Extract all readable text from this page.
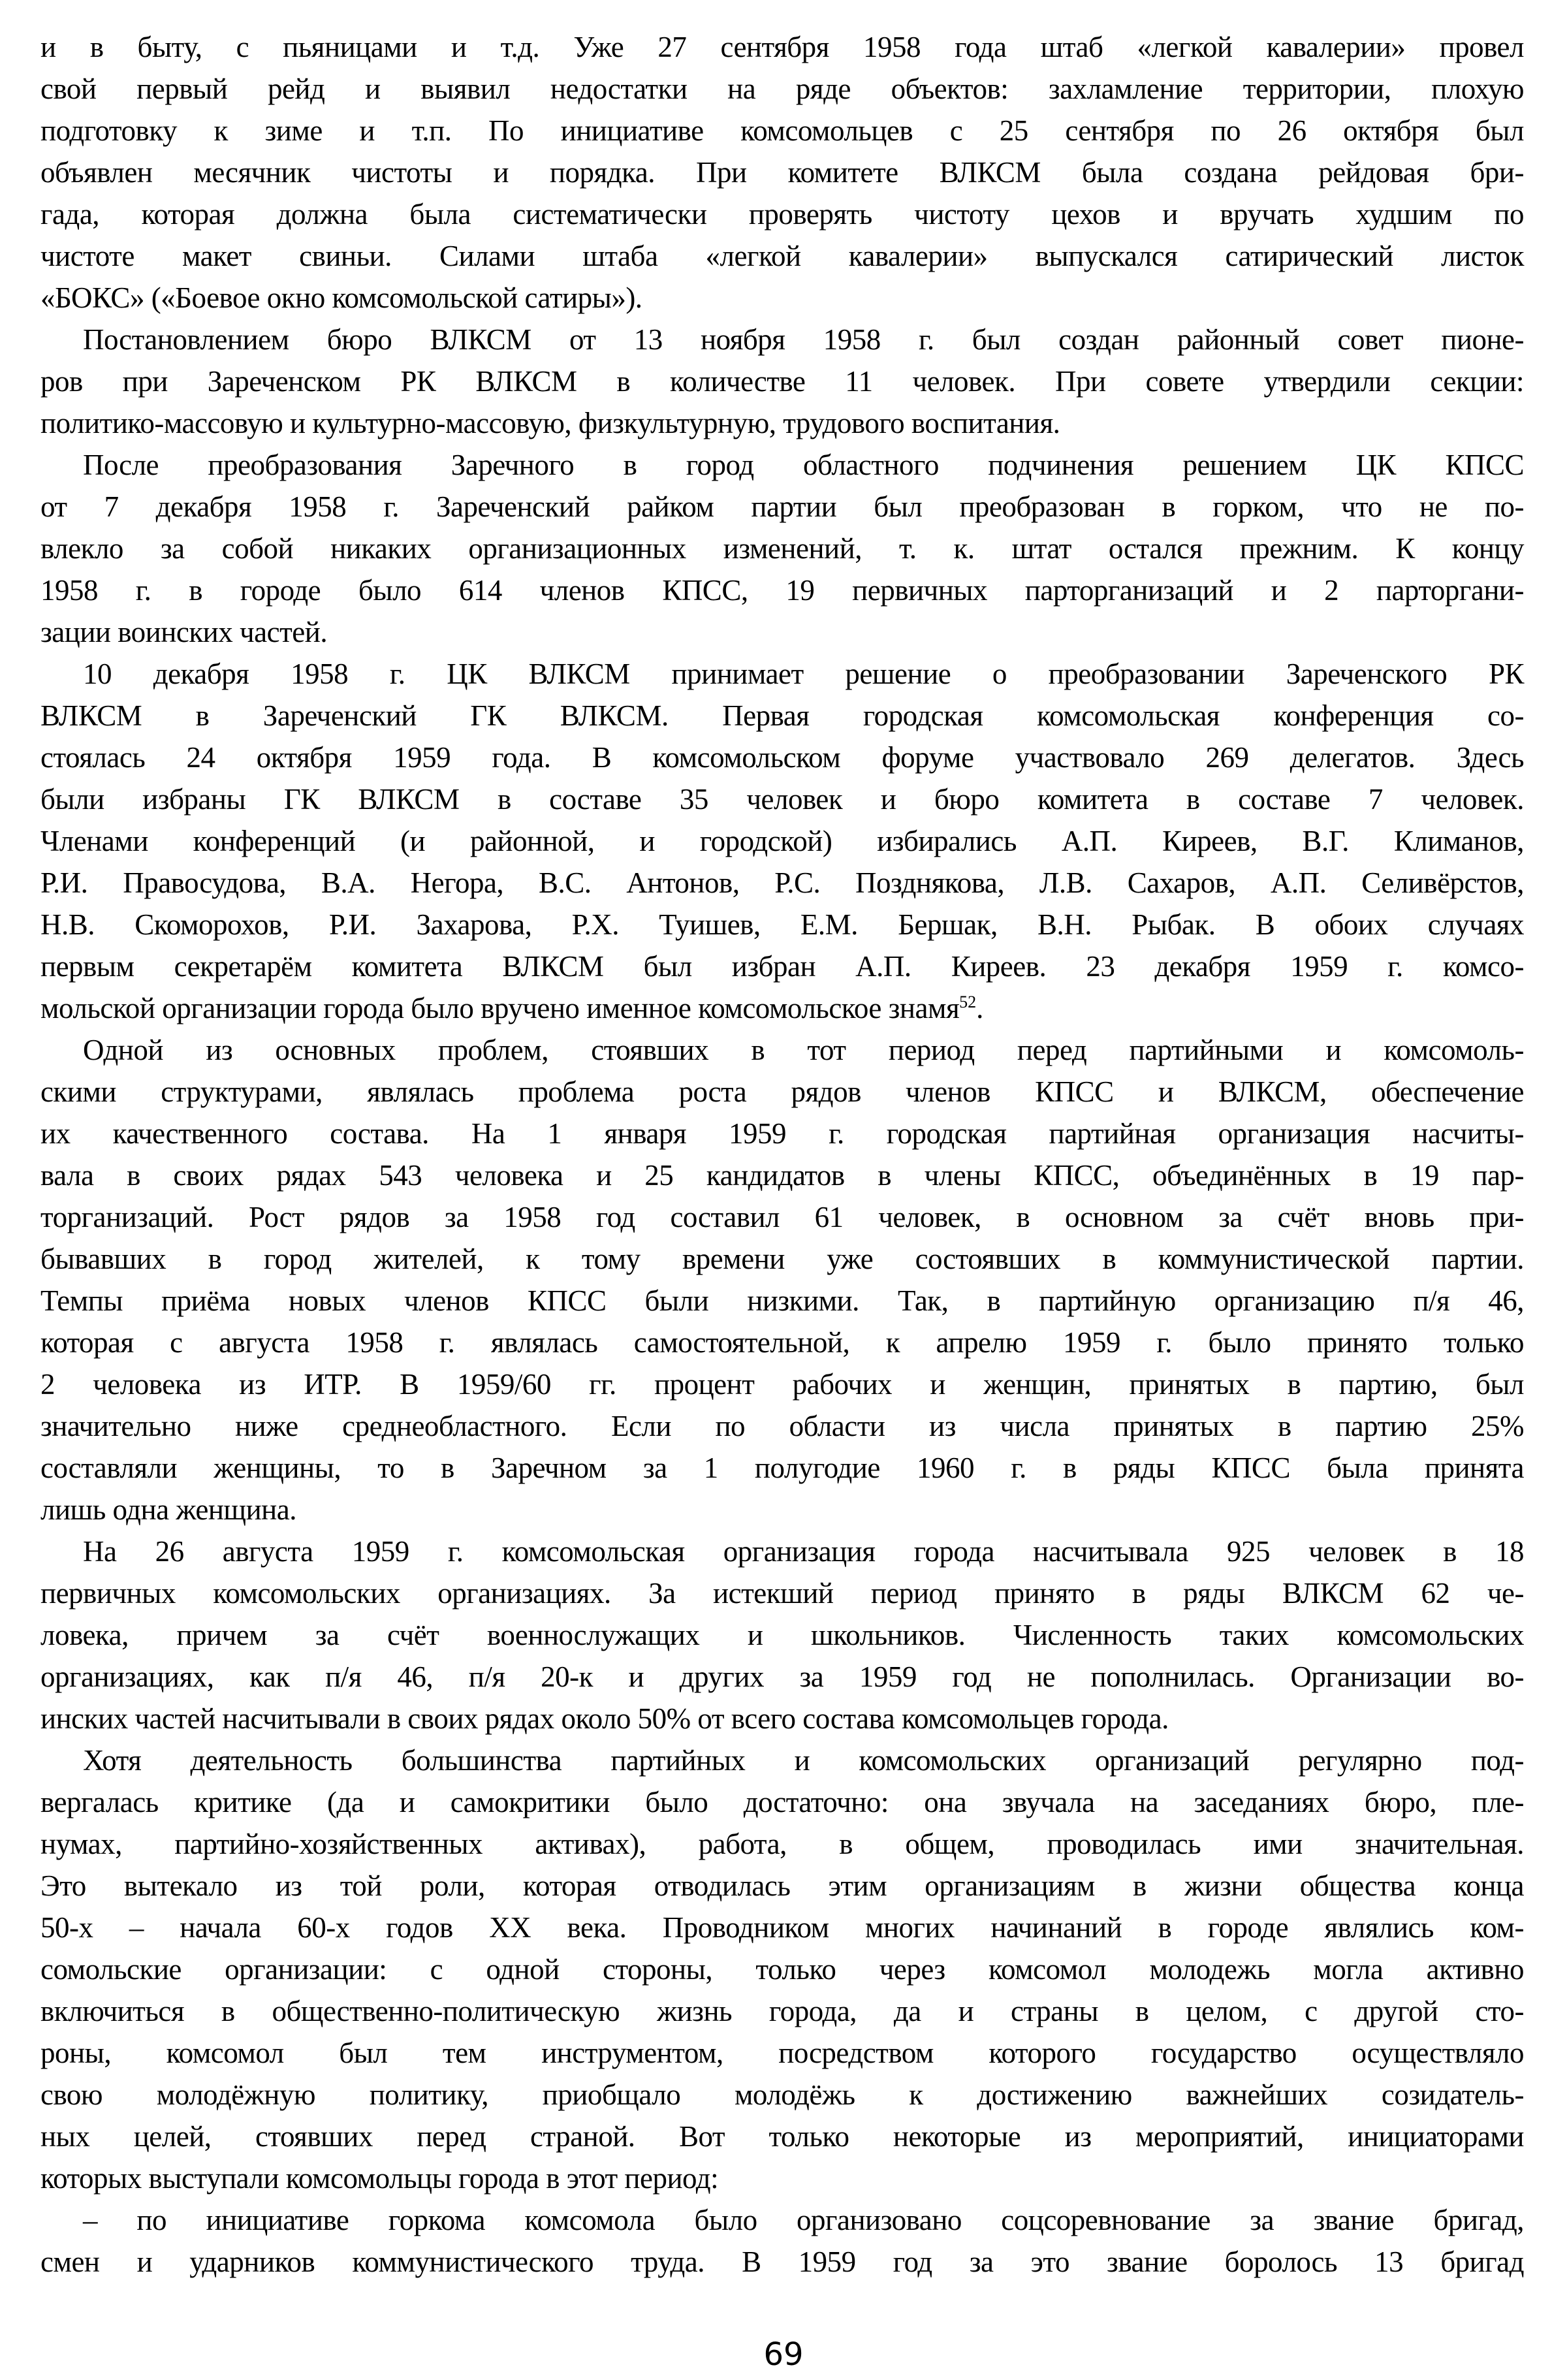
и в быту, с пьяницами и т.д. Уже 27 сентября 1958 года штаб «легкой кавалерии» провел
свой первый рейд и выявил недостатки на ряде объектов: захламление территории, плохую
подготовку к зиме и т.п. По инициативе комсомольцев с 25 сентября по 26 октября был
объявлен месячник чистоты и порядка. При комитете ВЛКСМ была создана рейдовая бри-
гада, которая должна была систематически проверять чистоту цехов и вручать худшим по
чистоте макет свиньи. Силами штаба «легкой кавалерии» выпускался сатирический листок
«БОКС» («Боевое окно комсомольской сатиры»).
Постановлением бюро ВЛКСМ от 13 ноября 1958 г. был создан районный совет пионе-
ров при Зареченском РК ВЛКСМ в количестве 11 человек. При совете утвердили секции:
политико-массовую и культурно-массовую, физкультурную, трудового воспитания.
После преобразования Заречного в город областного подчинения решением ЦК КПСС
от 7 декабря 1958 г. Зареченский райком партии был преобразован в горком, что не по-
влекло за собой никаких организационных изменений, т. к. штат остался прежним. К концу
1958 г. в городе было 614 членов КПСС, 19 первичных парторганизаций и 2 парторгани-
зации воинских частей.
10 декабря 1958 г. ЦК ВЛКСМ принимает решение о преобразовании Зареченского РК
ВЛКСМ в Зареченский ГК ВЛКСМ. Первая городская комсомольская конференция со-
стоялась 24 октября 1959 года. В комсомольском форуме участвовало 269 делегатов. Здесь
были избраны ГК ВЛКСМ в составе 35 человек и бюро комитета в составе 7 человек.
Членами конференций (и районной, и городской) избирались А.П. Киреев, В.Г. Климанов,
Р.И. Правосудова, В.А. Негора, В.С. Антонов, Р.С. Позднякова, Л.В. Сахаров, А.П. Селивёрстов,
Н.В. Скоморохов, Р.И. Захарова, Р.Х. Туишев, Е.М. Бершак, В.Н. Рыбак. В обоих случаях
первым секретарём комитета ВЛКСМ был избран А.П. Киреев. 23 декабря 1959 г. комсо-
мольской организации города было вручено именное комсомольское знамя$^{52}$.
Одной из основных проблем, стоявших в тот период перед партийными и комсомоль-
скими структурами, являлась проблема роста рядов членов КПСС и ВЛКСМ, обеспечение
их качественного состава. На 1 января 1959 г. городская партийная организация насчиты-
вала в своих рядах 543 человека и 25 кандидатов в члены КПСС, объединённых в 19 пар-
торганизаций. Рост рядов за 1958 год составил 61 человек, в основном за счёт вновь при-
бывавших в город жителей, к тому времени уже состоявших в коммунистической партии.
Темпы приёма новых членов КПСС были низкими. Так, в партийную организацию п/я 46,
которая с августа 1958 г. являлась самостоятельной, к апрелю 1959 г. было принято только
2 человека из ИТР. В 1959/60 гг. процент рабочих и женщин, принятых в партию, был
значительно ниже среднеобластного. Если по области из числа принятых в партию 25%
составляли женщины, то в Заречном за 1 полугодие 1960 г. в ряды КПСС была принята
лишь одна женщина.
На 26 августа 1959 г. комсомольская организация города насчитывала 925 человек в 18
первичных комсомольских организациях. За истекший период принято в ряды ВЛКСМ 62 че-
ловека, причем за счёт военнослужащих и школьников. Численность таких комсомольских
организациях, как п/я 46, п/я 20-к и других за 1959 год не пополнилась. Организации во-
инских частей насчитывали в своих рядах около 50% от всего состава комсомольцев города.
Хотя деятельность большинства партийных и комсомольских организаций регулярно под-
вергалась критике (да и самокритики было достаточно: она звучала на заседаниях бюро, пле-
нумах, партийно-хозяйственных активах), работа, в общем, проводилась ими значительная.
Это вытекало из той роли, которая отводилась этим организациям в жизни общества конца
50-х – начала 60-х годов XX века. Проводником многих начинаний в городе являлись ком-
сомольские организации: с одной стороны, только через комсомол молодежь могла активно
включиться в общественно-политическую жизнь города, да и страны в целом, с другой сто-
роны, комсомол был тем инструментом, посредством которого государство осуществляло
свою молодёжную политику, приобщало молодёжь к достижению важнейших созидатель-
ных целей, стоявших перед страной. Вот только некоторые из мероприятий, инициаторами
которых выступали комсомольцы города в этот период:
– по инициативе горкома комсомола было организовано соцсоревнование за звание бригад,
смен и ударников коммунистического труда. В 1959 год за это звание боролось 13 бригад
69
